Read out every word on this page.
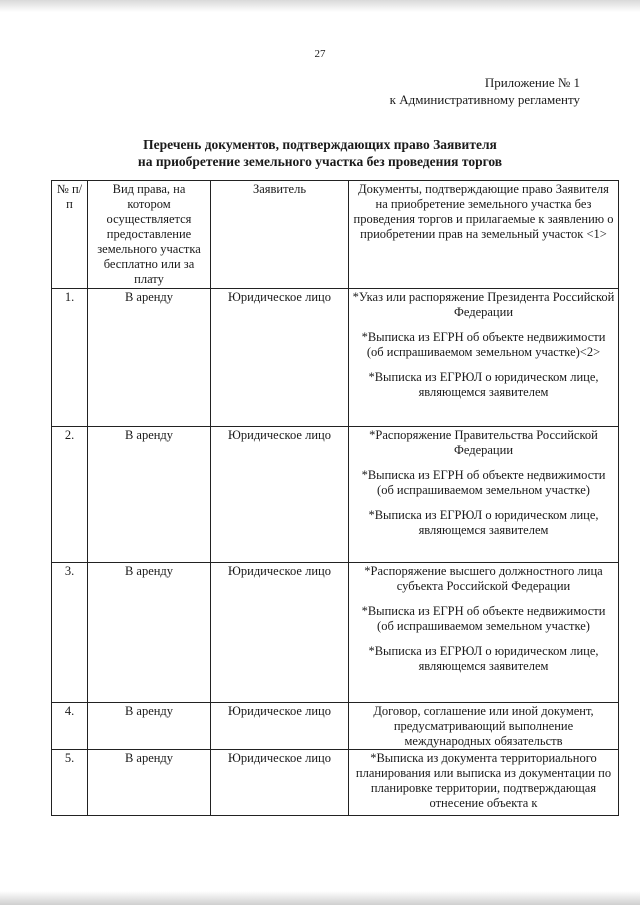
27
Приложение № 1
к Административному регламенту
Перечень документов, подтверждающих право Заявителя
на приобретение земельного участка без проведения торгов
№ п/п	Вид права, на котором осуществляется предоставление земельного участка бесплатно или за плату	Заявитель	Документы, подтверждающие право Заявителя на приобретение земельного участка без проведения торгов и прилагаемые к заявлению о приобретении прав на земельный участок <1>
1.	В аренду	Юридическое лицо	*Указ или распоряжение Президента Российской Федерации
*Выписка из ЕГРН об объекте недвижимости (об испрашиваемом земельном участке)<2>
*Выписка из ЕГРЮЛ о юридическом лице, являющемся заявителем

2.	В аренду	Юридическое лицо	*Распоряжение Правительства Российской Федерации
*Выписка из ЕГРН об объекте недвижимости (об испрашиваемом земельном участке)
*Выписка из ЕГРЮЛ о юридическом лице, являющемся заявителем

3.	В аренду	Юридическое лицо	*Распоряжение высшего должностного лица субъекта Российской Федерации
*Выписка из ЕГРН об объекте недвижимости (об испрашиваемом земельном участке)
*Выписка из ЕГРЮЛ о юридическом лице, являющемся заявителем

4.	В аренду	Юридическое лицо	Договор, соглашение или иной документ, предусматривающий выполнение международных обязательств

5.	В аренду	Юридическое лицо	*Выписка из документа территориального планирования или выписка из документации по планировке территории, подтверждающая отнесение объекта к
